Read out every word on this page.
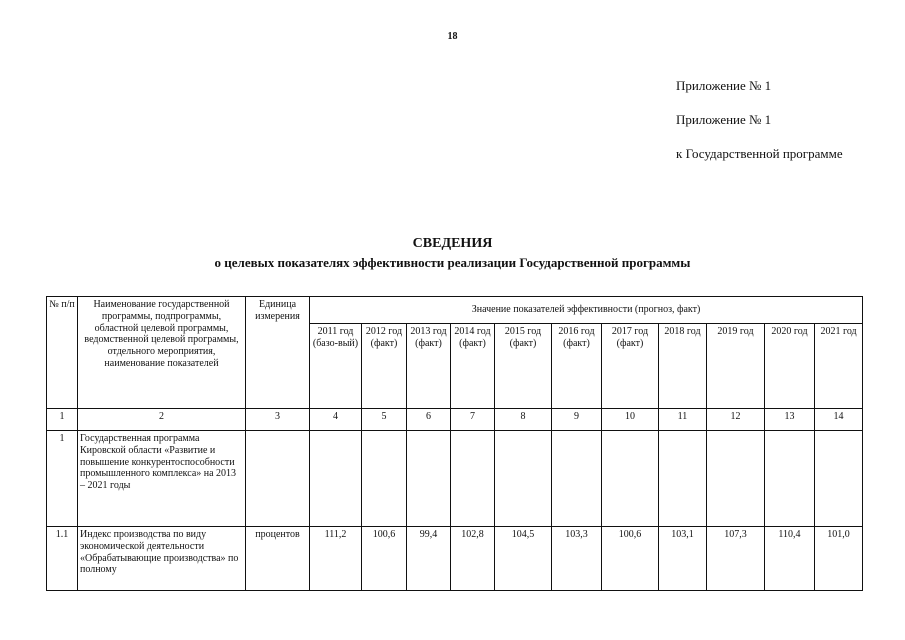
18
Приложение № 1
Приложение № 1
к Государственной программе
СВЕДЕНИЯ
о целевых показателях эффективности реализации Государственной программы
№ п/п	Наименование государственной программы, подпрограммы, областной целевой программы, ведомственной целевой программы, отдельного мероприятия, наименование показателей	Единица измерения	Значение показателей эффективности (прогноз, факт)										
			2011 год (базо-вый)	2012 год (факт)	2013 год (факт)	2014 год (факт)	2015 год (факт)	2016 год (факт)	2017 год (факт)	2018 год	2019 год	2020 год	2021 год
1	2	3	4	5	6	7	8	9	10	11	12	13	14
1	Государственная программа Кировской области «Развитие и повышение конкурентоспособности промышленного комплекса» на 2013 – 2021 годы												
1.1	Индекс производства по виду экономической деятельности «Обрабатывающие производства» по полному	процентов	111,2	100,6	99,4	102,8	104,5	103,3	100,6	103,1	107,3	110,4	101,0
